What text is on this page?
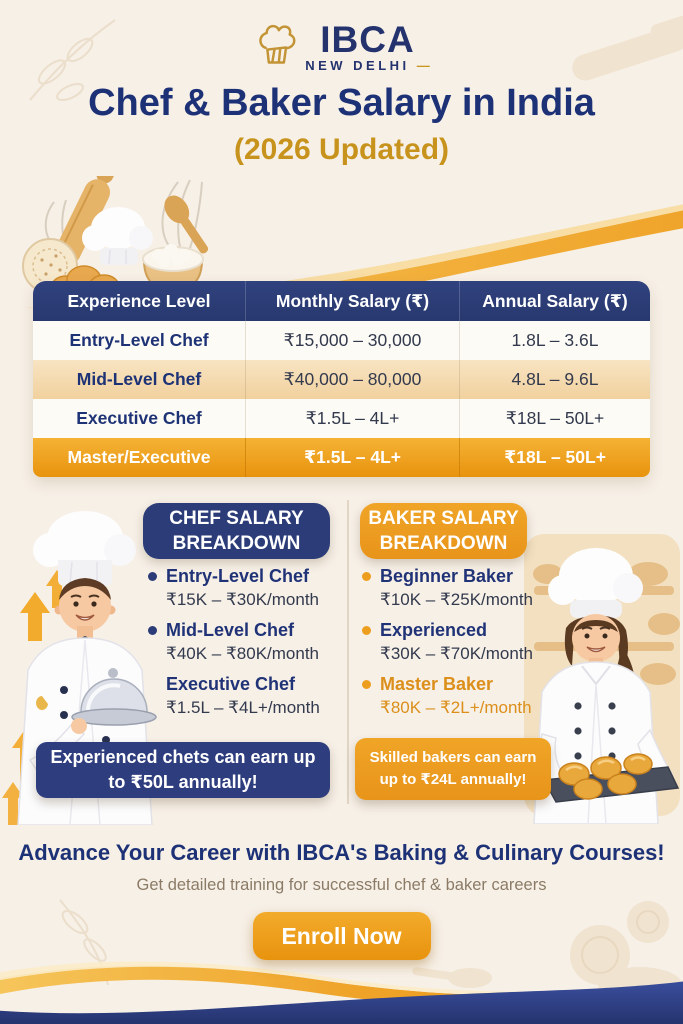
IBCA
NEW DELHI —
Chef & Baker Salary in India
(2026 Updated)
Experience Level	Monthly Salary (₹)	Annual Salary (₹)
Entry-Level Chef	₹15,000 – 30,000	1.8L – 3.6L
Mid-Level Chef	₹40,000 – 80,000	4.8L – 9.6L
Executive Chef	₹1.5L – 4L+	₹18L – 50L+
Master/Executive	₹1.5L – 4L+	₹18L – 50L+
CHEF SALARY
BREAKDOWN
Entry-Level Chef
₹15K – ₹30K/month
Mid-Level Chef
₹40K – ₹80K/month
Executive Chef
₹1.5L – ₹4L+/month
Experienced chets can earn up to ₹50L annually!
BAKER SALARY
BREAKDOWN
Beginner Baker
₹10K – ₹25K/month
Experienced
₹30K – ₹70K/month
Master Baker
₹80K – ₹2L+/month
Skilled bakers can earn up to ₹24L annually!
Advance Your Career with IBCA's Baking & Culinary Courses!
Get detailed training for successful chef & baker careers
Enroll Now
